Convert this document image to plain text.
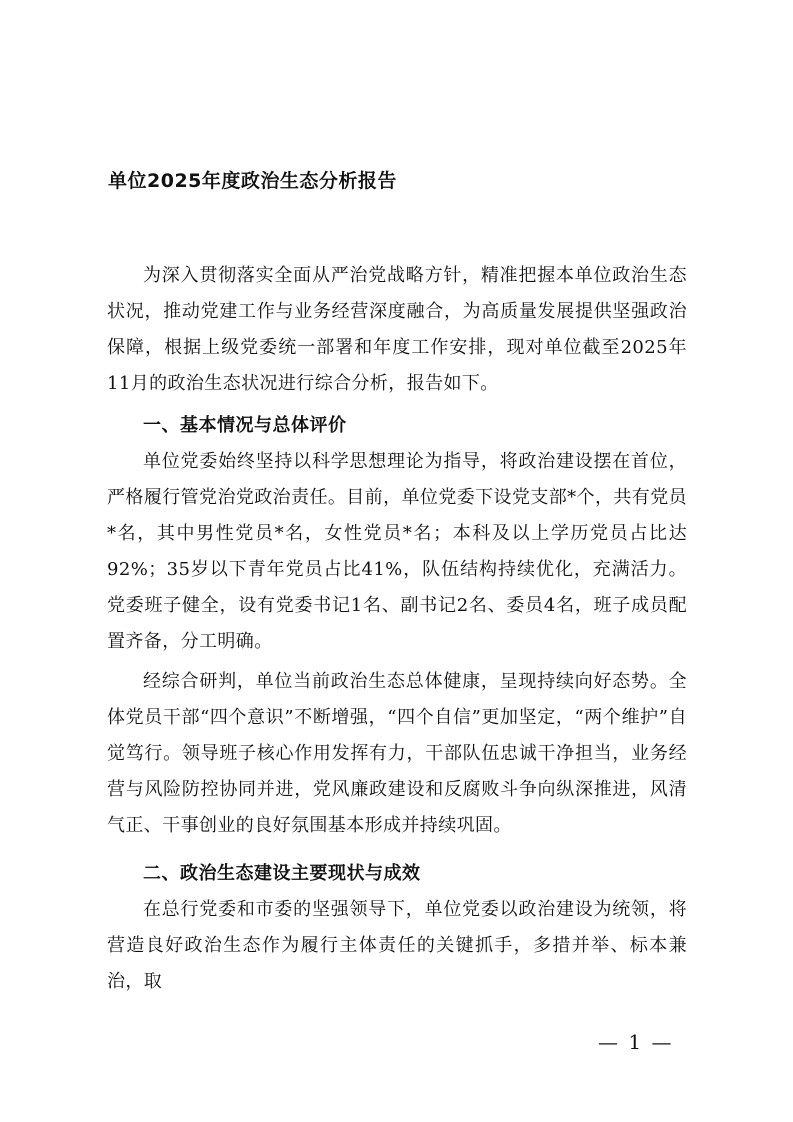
单位2025年度政治生态分析报告

为深入贯彻落实全面从严治党战略方针，精准把握本单位政治生态状况，推动党建工作与业务经营深度融合，为高质量发展提供坚强政治保障，根据上级党委统一部署和年度工作安排，现对单位截至2025年11月的政治生态状况进行综合分析，报告如下。

一、基本情况与总体评价

单位党委始终坚持以科学思想理论为指导，将政治建设摆在首位，严格履行管党治党政治责任。目前，单位党委下设党支部*个，共有党员*名，其中男性党员*名，女性党员*名；本科及以上学历党员占比达92%；35岁以下青年党员占比41%，队伍结构持续优化，充满活力。党委班子健全，设有党委书记1名、副书记2名、委员4名，班子成员配置齐备，分工明确。

经综合研判，单位当前政治生态总体健康，呈现持续向好态势。全体党员干部“四个意识”不断增强，“四个自信”更加坚定，“两个维护”自觉笃行。领导班子核心作用发挥有力，干部队伍忠诚干净担当，业务经营与风险防控协同并进，党风廉政建设和反腐败斗争向纵深推进，风清气正、干事创业的良好氛围基本形成并持续巩固。

二、政治生态建设主要现状与成效

在总行党委和市委的坚强领导下，单位党委以政治建设为统领，将营造良好政治生态作为履行主体责任的关键抓手，多措并举、标本兼治，取

— 1 —
